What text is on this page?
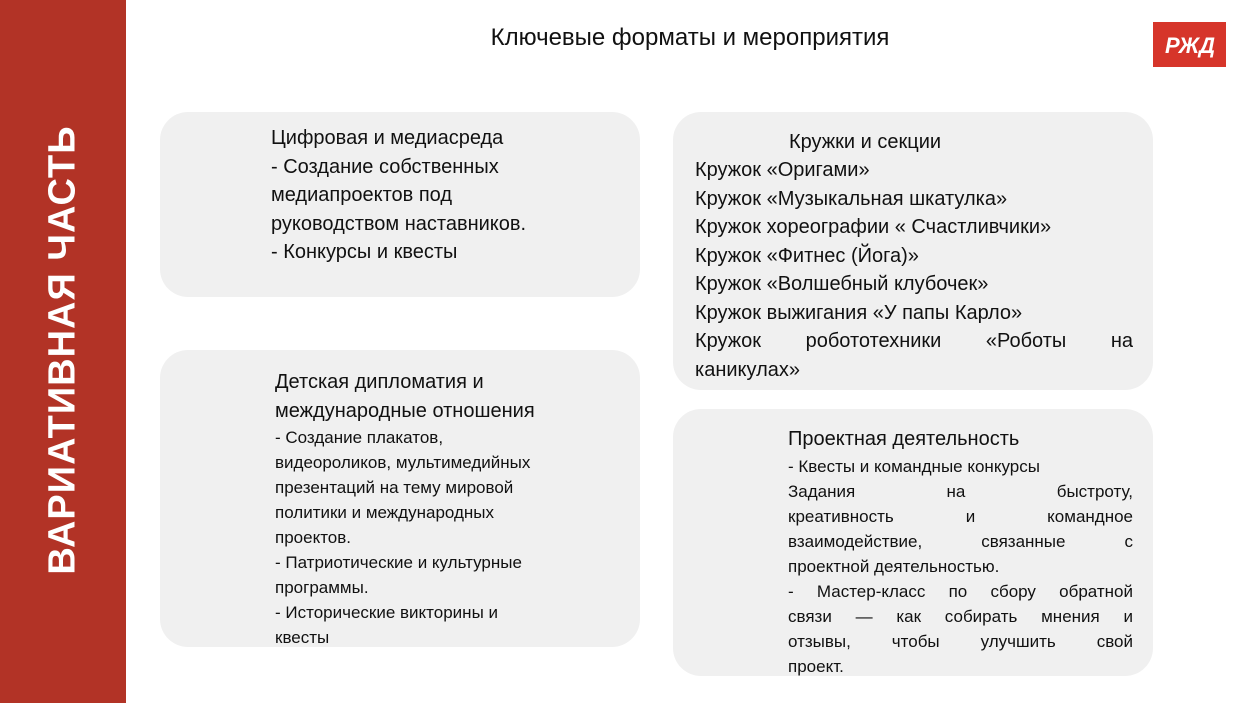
ВАРИАТИВНАЯ ЧАСТЬ
Ключевые форматы и мероприятия	РЖД
Цифровая и медиасреда
- Создание собственных
медиапроектов под
руководством наставников.
- Конкурсы и квесты
Детская дипломатия и
международные отношения
- Создание плакатов,
видеороликов, мультимедийных
презентаций на тему мировой
политики и международных
проектов.
- Патриотические и культурные
программы.
- Исторические викторины и
квесты
Кружки и секции
Кружок «Оригами»
Кружок «Музыкальная шкатулка»
Кружок хореографии « Счастливчики»
Кружок «Фитнес (Йога)»
Кружок «Волшебный клубочек»
Кружок выжигания «У папы Карло»
Кружок робототехники «Роботы на
каникулах»
Проектная деятельность
- Квесты и командные конкурсы
Задания на быстроту,
креативность и командное
взаимодействие, связанные с
проектной деятельностью.
- Мастер-класс по сбору обратной
связи — как собирать мнения и
отзывы, чтобы улучшить свой
проект.
